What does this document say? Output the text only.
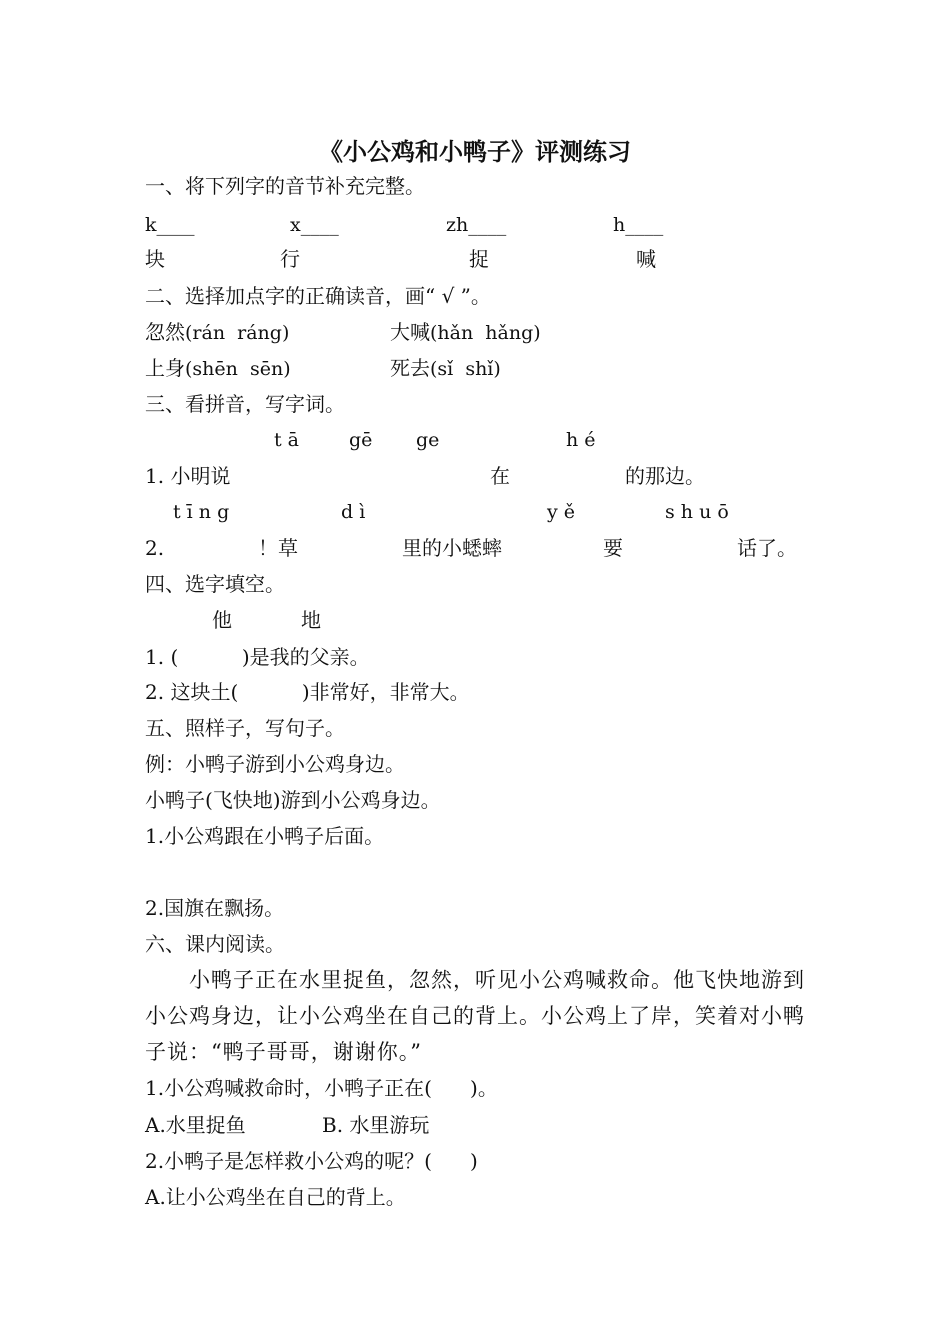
《小公鸡和小鸭子》评测练习
一、将下列字的音节补充完整。
k____	x____	zh____	h____
块	行	捉	喊
二、选择加点字的正确读音，画“ √ ”。
忽然(rán  ráng)	大喊(hǎn  hǎng)
上身(shēn  sēn)	死去(sǐ  shǐ)
三、看拼音，写字词。
t ā	gē ge	h é
1. 小明说	在	的那边。
t ī n g	d ì	y ě	s h u ō
2.	！草	里的小蟋蟀	要	话了。
四、选字填空。
他	地
1. (          )是我的父亲。
2. 这块土(          )非常好，非常大。
五、照样子，写句子。
例：小鸭子游到小公鸡身边。
小鸭子(飞快地)游到小公鸡身边。
1.小公鸡跟在小鸭子后面。
2.国旗在飘扬。
六、课内阅读。
小鸭子正在水里捉鱼，忽然，听见小公鸡喊救命。他飞快地游到小公鸡身边，让小公鸡坐在自己的背上。小公鸡上了岸，笑着对小鸭子说：“鸭子哥哥，谢谢你。”
1.小公鸡喊救命时，小鸭子正在(      )。
A.水里捉鱼	B. 水里游玩
2.小鸭子是怎样救小公鸡的呢？(      )
A.让小公鸡坐在自己的背上。
